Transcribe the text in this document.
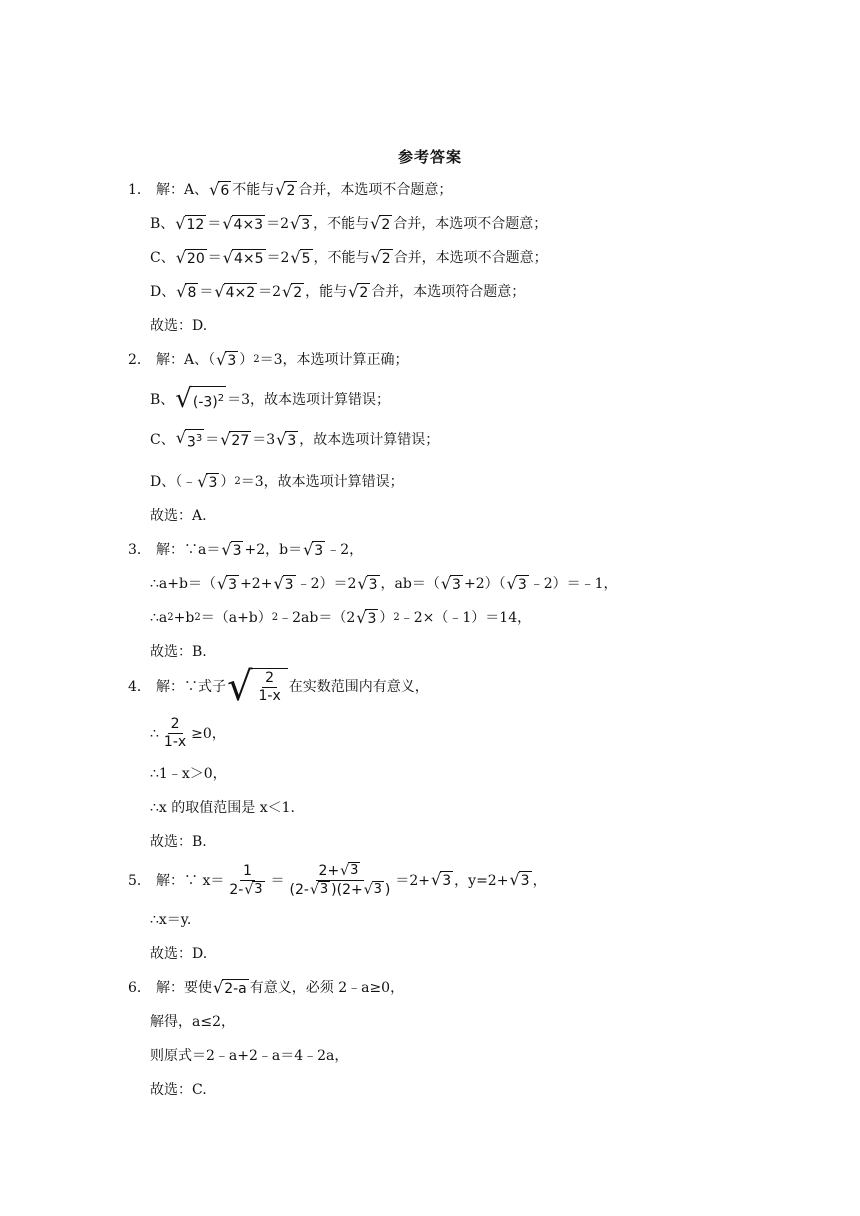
参考答案
1． 解：A、 √ 6 不能与 √ 2 合并，本选项不合题意；
B、 √ 12 ＝ √ 4×3 ＝2 √ 3 ，不能与 √ 2 合并，本选项不合题意；
C、 √ 20 ＝ √ 4×5 ＝2 √ 5 ，不能与 √ 2 合并，本选项不合题意；
D、 √ 8 ＝ √ 4×2 ＝2 √ 2 ，能与 √ 2 合并，本选项符合题意；
故选：D.
2． 解：A、（ √ 3 ） 2 ＝3，本选项计算正确；
B、 √ $(-3)^2 =3$，故本选项计算错误；
C、 √ $3^3$ ＝ √ 27 ＝3 √ 3 ，故本选项计算错误；
D、（﹣ √ 3 ） 2 ＝3，故本选项计算错误；
故选：A.
3． 解：∵a＝ √ 3 +2，b＝ √ 3 ﹣2，
∴a+b＝（ √ 3 +2+ √ 3 ﹣2）＝2 √ 3 ，ab＝（ √ 3 +2）（ √ 3 ﹣2）＝﹣1，
∴a 2 +b 2 ＝（a+b） 2 ﹣2ab＝（2 √ 3 ） 2 ﹣2×（﹣1）＝14，
故选：B.
4． 解：∵式子 √ $\frac{2}{1-x}$ 在实数范围内有意义，
∴ $\frac{2}{1-x} \ge 0$，
∴1﹣x＞0，
∴x 的取值范围是 x＜1.
故选：B.
5． 解：∵ $x= \frac{1}{2- √ 3} = \frac{2+ √ 3}{(2- √ 3 )(2+ √ 3 )} =2+$ √ 3 ，y=2+ √ 3 ，
∴x＝y.
故选：D.
6． 解：要使 √ 2-a 有意义，必须 2﹣a≥0，
解得，a≤2，
则原式＝2﹣a+2﹣a＝4﹣2a，
故选：C.
